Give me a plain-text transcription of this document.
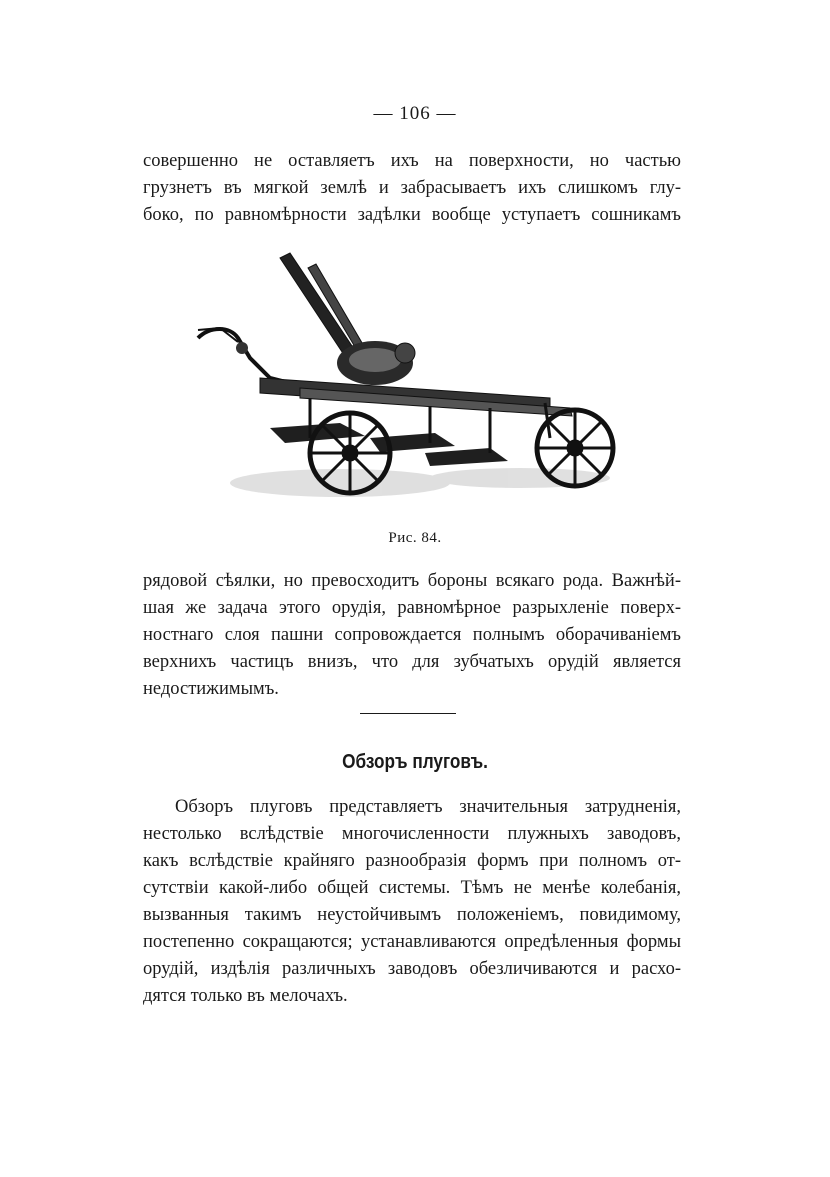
— 106 —
совершенно не оставляетъ ихъ на поверхности, но частью
грузнетъ въ мягкой землѣ и забрасываетъ ихъ слишкомъ глу-
боко, по равномѣрности задѣлки вообще уступаетъ сошникамъ
Рис. 84.
рядовой сѣялки, но превосходитъ бороны всякаго рода. Важнѣй-
шая же задача этого орудія, равномѣрное разрыхленіе поверх-
ностнаго слоя пашни сопровождается полнымъ оборачиваніемъ
верхнихъ частицъ внизъ, что для зубчатыхъ орудій является
недостижимымъ.
Обзоръ плуговъ.
Обзоръ плуговъ представляетъ значительныя затрудненія,
нестолько вслѣдствіе многочисленности плужныхъ заводовъ,
какъ вслѣдствіе крайняго разнообразія формъ при полномъ от-
сутствіи какой-либо общей системы. Тѣмъ не менѣе колебанія,
вызванныя такимъ неустойчивымъ положеніемъ, повидимому,
постепенно сокращаются; устанавливаются опредѣленныя формы
орудій, издѣлія различныхъ заводовъ обезличиваются и расхо-
дятся только въ мелочахъ.
